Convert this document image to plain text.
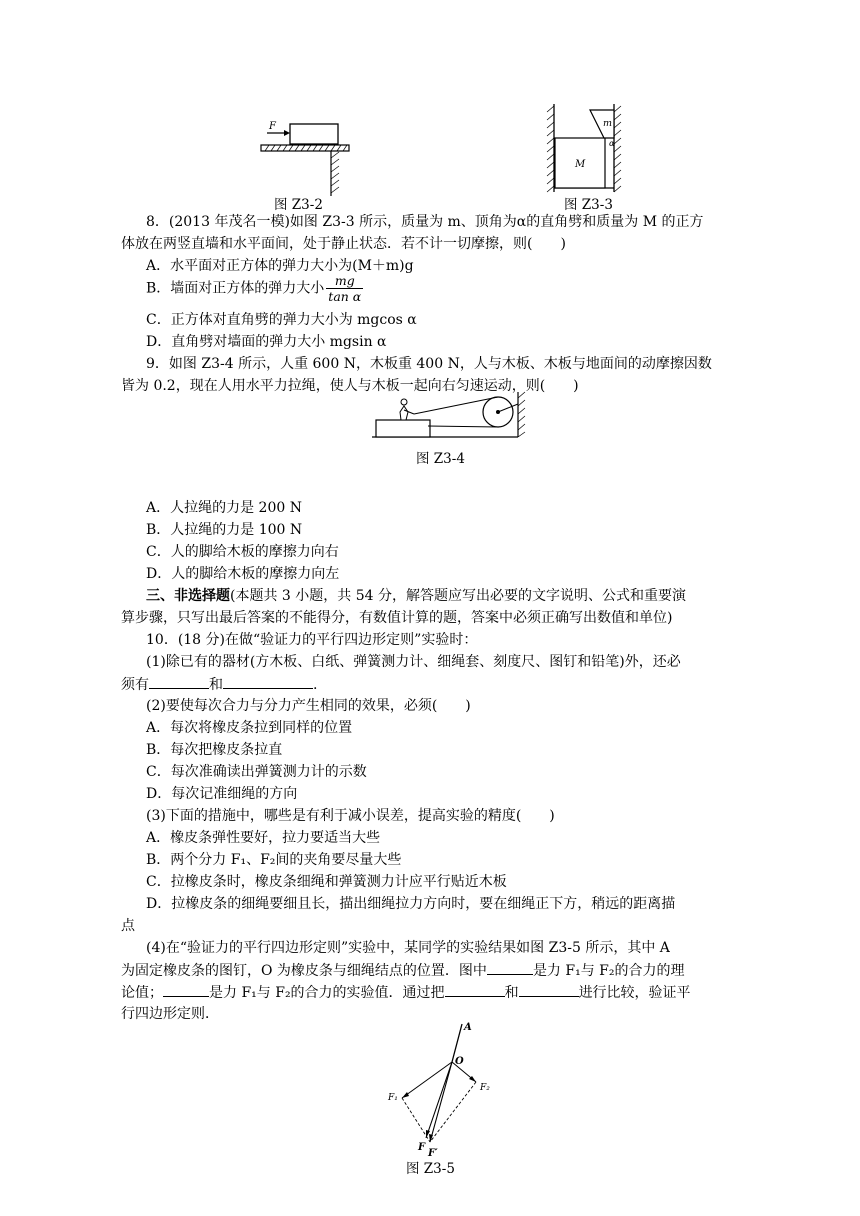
F
图 Z3-2
m
α
M
图 Z3-3
8．(2013 年茂名一模)如图 Z3-3 所示，质量为 m、顶角为α的直角劈和质量为 M 的正方
体放在两竖直墙和水平面间，处于静止状态．若不计一切摩擦，则(　　)
A．水平面对正方体的弹力大小为(M＋m)g
B．墙面对正方体的弹力大小 $\frac{mg}{\text{tan α}}$
C．正方体对直角劈的弹力大小为 mgcos α
D．直角劈对墙面的弹力大小 mgsin α
9．如图 Z3-4 所示，人重 600 N，木板重 400 N，人与木板、木板与地面间的动摩擦因数
皆为 0.2，现在人用水平力拉绳，使人与木板一起向右匀速运动，则(　　)
图 Z3-4
A．人拉绳的力是 200 N
B．人拉绳的力是 100 N
C．人的脚给木板的摩擦力向右
D．人的脚给木板的摩擦力向左
三、非选择题(本题共 3 小题，共 54 分，解答题应写出必要的文字说明、公式和重要演
算步骤，只写出最后答案的不能得分，有数值计算的题，答案中必须正确写出数值和单位)
10．(18 分)在做“验证力的平行四边形定则”实验时：
(1)除已有的器材(方木板、白纸、弹簧测力计、细绳套、刻度尺、图钉和铅笔)外，还必
须有	和	.
(2)要使每次合力与分力产生相同的效果，必须(　　)
A．每次将橡皮条拉到同样的位置
B．每次把橡皮条拉直
C．每次准确读出弹簧测力计的示数
D．每次记准细绳的方向
(3)下面的措施中，哪些是有利于减小误差，提高实验的精度(　　)
A．橡皮条弹性要好，拉力要适当大些
B．两个分力 F₁、F₂间的夹角要尽量大些
C．拉橡皮条时，橡皮条细绳和弹簧测力计应平行贴近木板
D．拉橡皮条的细绳要细且长，描出细绳拉力方向时，要在细绳正下方，稍远的距离描
点
(4)在“验证力的平行四边形定则”实验中，某同学的实验结果如图 Z3-5 所示，其中 A
为固定橡皮条的图钉，O 为橡皮条与细绳结点的位置．图中	是力 F₁与 F₂的合力的理
论值；	是力 F₁与 F₂的合力的实验值．通过把	和	进行比较，验证平
行四边形定则．
A
O
F₁
F₂
F
F′
图 Z3-5
